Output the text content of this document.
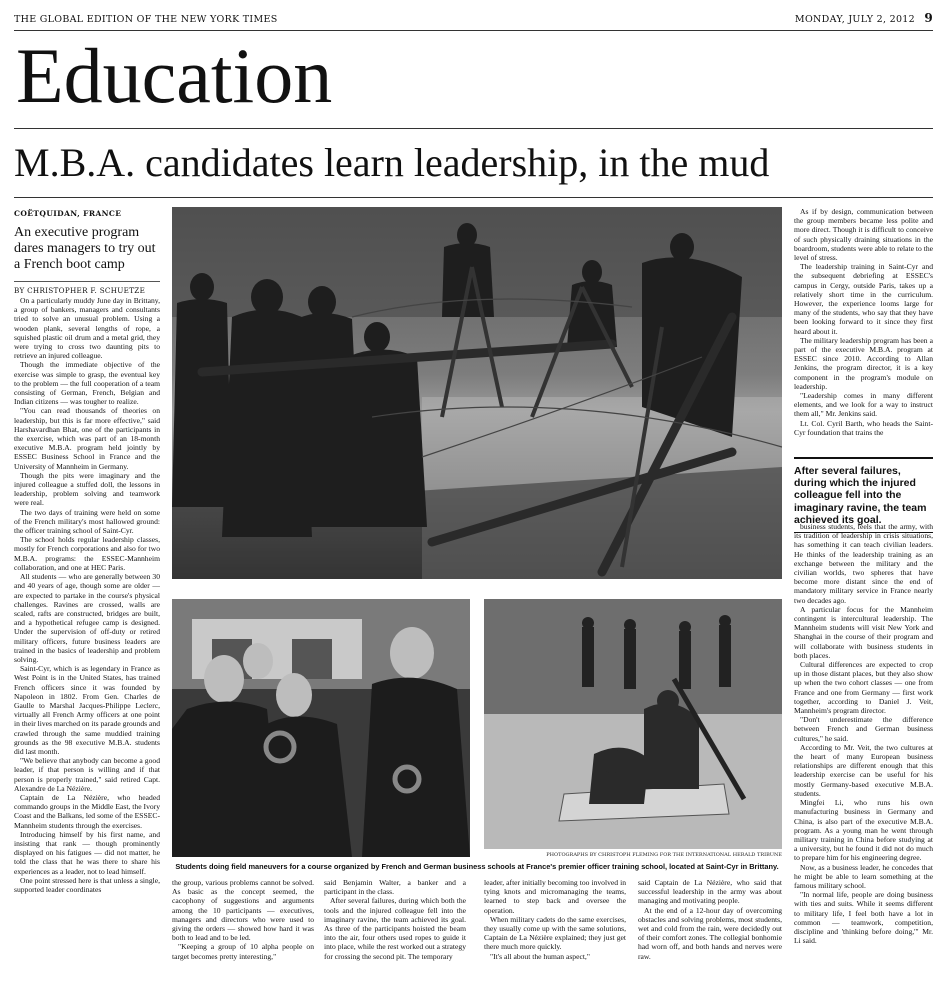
THE GLOBAL EDITION OF THE NEW YORK TIMES	MONDAY, JULY 2, 2012 9
Education
M.B.A. candidates learn leadership, in the mud
COËTQUIDAN, FRANCE
An executive program dares managers to try out a French boot camp
BY CHRISTOPHER F. SCHUETZE

On a particularly muddy June day in Brittany, a group of bankers, managers and consultants tried to solve an unusual problem. Using a wooden plank, several lengths of rope, a squished plastic oil drum and a metal grid, they were trying to cross two daunting pits to retrieve an injured colleague.

Though the immediate objective of the exercise was simple to grasp, the eventual key to the problem — the full cooperation of a team consisting of German, French, Belgian and Indian citizens — was tougher to realize.

"You can read thousands of theories on leadership, but this is far more effective," said Harshavardhan Bhat, one of the participants in the exercise, which was part of an 18-month executive M.B.A. program held jointly by ESSEC Business School in France and the University of Mannheim in Germany.

Though the pits were imaginary and the injured colleague a stuffed doll, the lessons in leadership, problem solving and teamwork were real.

The two days of training were held on some of the French military's most hallowed ground: the officer training school of Saint-Cyr.

The school holds regular leadership classes, mostly for French corporations and also for two M.B.A. programs: the ESSEC-Mannheim collaboration, and one at HEC Paris.

All students — who are generally between 30 and 40 years of age, though some are older — are expected to partake in the course's physical challenges. Ravines are crossed, walls are scaled, rafts are constructed, bridges are built, and a hypothetical refugee camp is designed. Under the supervision of off-duty or retired military officers, future business leaders are trained in the basics of leadership and problem solving.

Saint-Cyr, which is as legendary in France as West Point is in the United States, has trained French officers since it was founded by Napoleon in 1802. From Gen. Charles de Gaulle to Marshal Jacques-Philippe Leclerc, virtually all French Army officers at one point in their lives marched on its parade grounds and crawled through the same muddied training grounds as the 98 executive M.B.A. students did last month.

"We believe that anybody can become a good leader, if that person is willing and if that person is properly trained," said retired Capt. Alexandre de La Nézière.

Captain de La Nézière, who headed commando groups in the Middle East, the Ivory Coast and the Balkans, led some of the ESSEC-Mannheim students through the exercises.

Introducing himself by his first name, and insisting that rank — though prominently displayed on his fatigues — did not matter, he told the class that he was there to share his experiences as a leader, not to lead himself.

One point stressed here is that unless a single, supported leader coordinates

As if by design, communication between the group members became less polite and more direct. Though it is difficult to conceive of such physically draining situations in the boardroom, students were able to relate to the level of stress.

The leadership training in Saint-Cyr and the subsequent debriefing at ESSEC's campus in Cergy, outside Paris, takes up a relatively short time in the curriculum. However, the experience looms large for many of the students, who say that they have been looking forward to it since they first heard about it.

The military leadership program has been a part of the executive M.B.A. program at ESSEC since 2010. According to Allan Jenkins, the program director, it is a key component in the program's module on leadership.

"Leadership comes in many different elements, and we look for a way to instruct them all," Mr. Jenkins said.

Lt. Col. Cyril Barth, who heads the Saint-Cyr foundation that trains the

After several failures, during which the injured colleague fell into the imaginary ravine, the team achieved its goal.

business students, feels that the army, with its tradition of leadership in crisis situations, has something it can teach civilian leaders. He thinks of the leadership training as an exchange between the military and the civilian worlds, two spheres that have become more distant since the end of mandatory military service in France nearly two decades ago.

A particular focus for the Mannheim contingent is intercultural leadership. The Mannheim students will visit New York and Shanghai in the course of their program and will collaborate with business students in both places.

Cultural differences are expected to crop up in those distant places, but they also show up when the two cohort classes — one from France and one from Germany — first work together, according to Daniel J. Veit, Mannheim's program director.

"Don't underestimate the difference between French and German business cultures," he said.

According to Mr. Veit, the two cultures at the heart of many European business relationships are different enough that this leadership exercise can be useful for his mostly Germany-based executive M.B.A. students.

Mingfei Li, who runs his own manufacturing business in Germany and China, is also part of the executive M.B.A. program. As a young man he went through military training in China before studying at a university, but he found it did not do much to prepare him for his engineering degree.

Now, as a business leader, he concedes that he might be able to learn something at the famous military school.

"In normal life, people are doing business with ties and suits. While it seems different to military life, I feel both have a lot in common — teamwork, competition, discipline and 'thinking before doing,'" Mr. Li said.

PHOTOGRAPHS BY CHRISTOPH FLEMING FOR THE INTERNATIONAL HERALD TRIBUNE
Students doing field maneuvers for a course organized by French and German business schools at France's premier officer training school, located at Saint-Cyr in Brittany.

the group, various problems cannot be solved. As basic as the concept seemed, the cacophony of suggestions and arguments among the 10 participants — executives, managers and directors who were used to giving the orders — showed how hard it was both to lead and to be led.

"Keeping a group of 10 alpha people on target becomes pretty interesting,"

said Benjamin Walter, a banker and a participant in the class.

After several failures, during which both the tools and the injured colleague fell into the imaginary ravine, the team achieved its goal. As three of the participants hoisted the beam into the air, four others used ropes to guide it into place, while the rest worked out a strategy for crossing the second pit. The temporary

leader, after initially becoming too involved in tying knots and micromanaging the teams, learned to step back and oversee the operation.

When military cadets do the same exercises, they usually come up with the same solutions, Captain de La Nézière explained; they just get there much more quickly.

"It's all about the human aspect,"

said Captain de La Nézière, who said that successful leadership in the army was about managing and motivating people.

At the end of a 12-hour day of overcoming obstacles and solving problems, most students, wet and cold from the rain, were decidedly out of their comfort zones. The collegial bonhomie had worn off, and both hands and nerves were raw.
